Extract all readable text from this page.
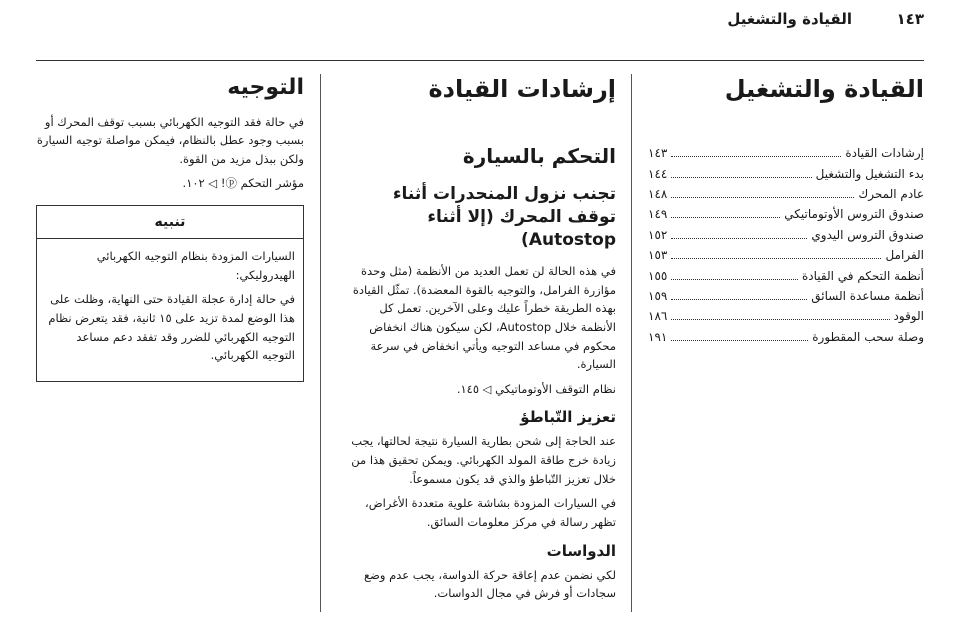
١٤٣
القيادة والتشغيل
القيادة والتشغيل
إرشادات القيادة
١٤٣
بدء التشغيل والتشغيل
١٤٤
عادم المحرك
١٤٨
صندوق التروس الأوتوماتيكي
١٤٩
صندوق التروس اليدوي
١٥٢
الفرامل
١٥٣
أنظمة التحكم في القيادة
١٥٥
أنظمة مساعدة السائق
١٥٩
الوقود
١٨٦
وصلة سحب المقطورة
١٩١
إرشادات القيادة
التحكم بالسيارة
تجنب نزول المنحدرات أثناء توقف المحرك (إلا أثناء Autostop)

في هذه الحالة لن تعمل العديد من الأنظمة (مثل وحدة مؤازرة الفرامل، والتوجيه بالقوة المعضدة). تمثّل القيادة بهذه الطريقة خطراً عليك وعلى الآخرين. تعمل كل الأنظمة خلال Autostop، لكن سيكون هناك انخفاض محكوم في مساعد التوجيه ويأتي انخفاض في سرعة السيارة.

نظام التوقف الأوتوماتيكي ◁ ١٤٥.

تعزيز التّباطؤ

عند الحاجة إلى شحن بطارية السيارة نتيجة لحالتها، يجب زيادة خرج طاقة المولد الكهربائي. ويمكن تحقيق هذا من خلال تعزيز التّباطؤ والذي قد يكون مسموعاً.

في السيارات المزودة بشاشة علوية متعددة الأغراض، تظهر رسالة في مركز معلومات السائق.

الدواسات

لكي نضمن عدم إعاقة حركة الدواسة، يجب عدم وضع سجادات أو فرش في مجال الدواسات.

التوجيه

في حالة فقد التوجيه الكهربائي بسبب توقف المحرك أو بسبب وجود عطل بالنظام، فيمكن مواصلة توجيه السيارة ولكن ببذل مزيد من القوة.

مؤشر التحكم ⓟ! ◁ ١٠٢.

تنبيه

السيارات المزودة بنظام التوجيه الكهربائي الهيدروليكي:

في حالة إدارة عجلة القيادة حتى النهاية، وظلت على هذا الوضع لمدة تزيد على ١٥ ثانية، فقد يتعرض نظام التوجيه الكهربائي للضرر وقد تفقد دعم مساعد التوجيه الكهربائي.
